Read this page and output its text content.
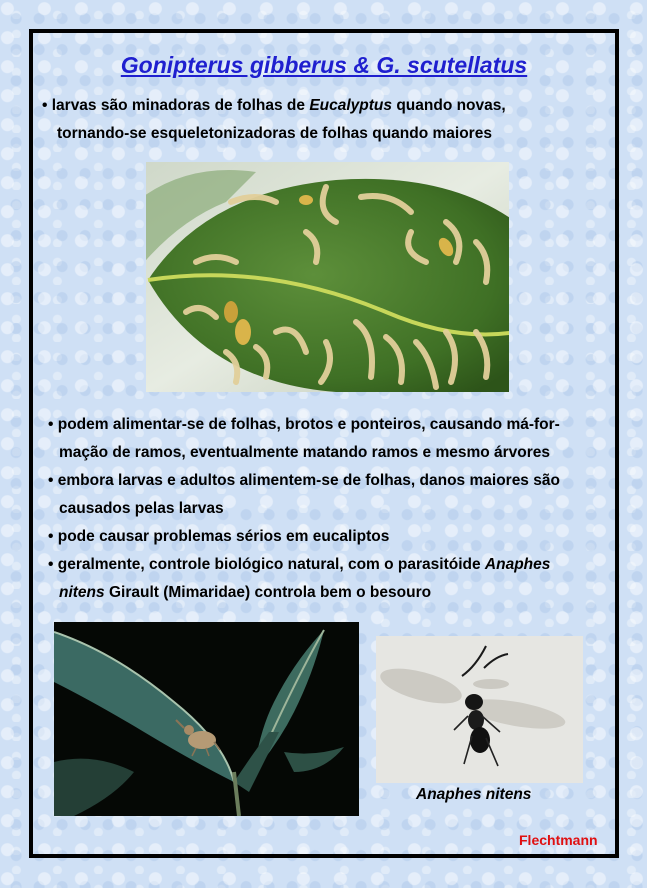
Gonipterus gibberus & G. scutellatus
• larvas são minadoras de folhas de Eucalyptus quando novas,
tornando-se esqueletonizadoras de folhas quando maiores
• podem alimentar-se de folhas, brotos e ponteiros, causando má-for-
mação de ramos, eventualmente matando ramos e mesmo árvores
• embora larvas e adultos alimentem-se de folhas, danos maiores são
causados pelas larvas
• pode causar problemas sérios em eucaliptos
• geralmente, controle biológico natural, com o parasitóide Anaphes
nitens Girault (Mimaridae) controla bem o besouro
Anaphes nitens
Flechtmann
